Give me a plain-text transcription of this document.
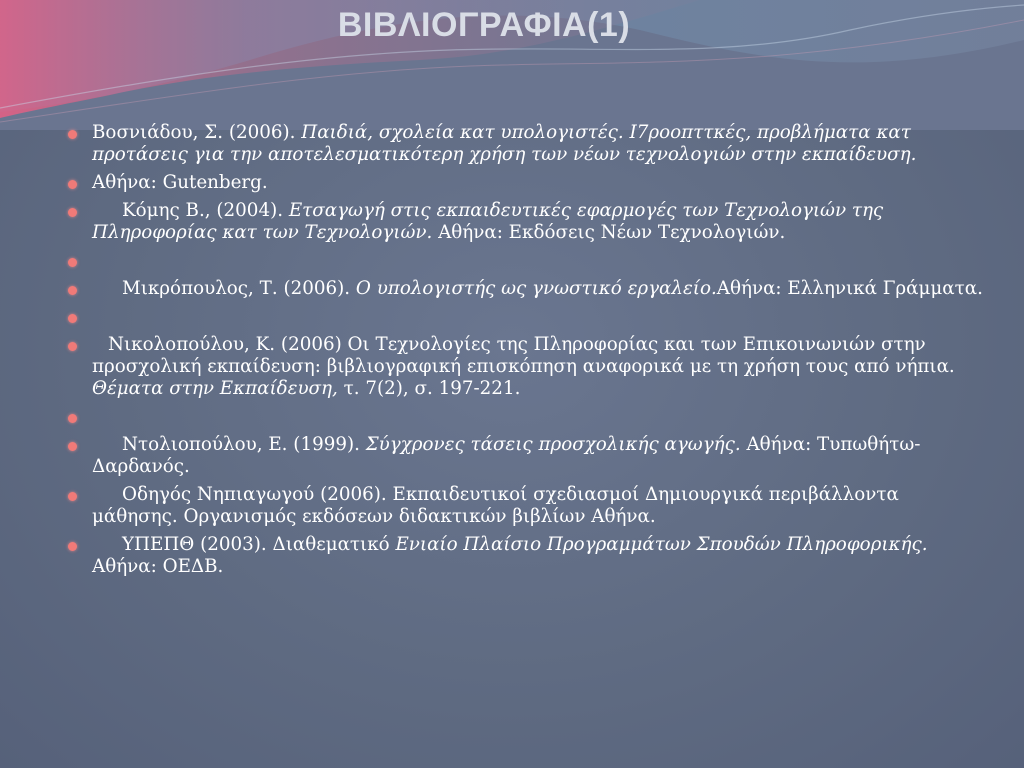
ΒΙΒΛΙΟΓΡΑΦΙΑ(1)
Βοσνιάδου, Σ. (2006). Παιδιά, σχολεία κατ υπολογιστές. Ι7ροοπττκές, προβλήματα κατ προτάσεις για την αποτελεσματικότερη χρήση των νέων τεχνολογιών στην εκπαίδευση.
Αθήνα: Gutenberg.
Κόμης Β., (2004). Ετσαγωγή στις εκπαιδευτικές εφαρμογές των Τεχνολογιών της Πληροφορίας κατ των Τεχνολογιών. Αθήνα: Εκδόσεις Νέων Τεχνολογιών.
Μικρόπουλος, Τ. (2006). Ο υπολογιστής ως γνωστικό εργαλείο.Αθήνα: Ελληνικά Γράμματα.
Νικολοπούλου, Κ. (2006) Οι Τεχνολογίες της Πληροφορίας και των Επικοινωνιών στην προσχολική εκπαίδευση: βιβλιογραφική επισκόπηση αναφορικά με τη χρήση τους από νήπια. Θέματα στην Εκπαίδευση, τ. 7(2), σ. 197-221.
Ντολιοπούλου, Ε. (1999). Σύγχρονες τάσεις προσχολικής αγωγής. Αθήνα: Τυπωθήτω-Δαρδανός.
Οδηγός Νηπιαγωγού (2006). Εκπαιδευτικοί σχεδιασμοί Δημιουργικά περιβάλλοντα μάθησης. Οργανισμός εκδόσεων διδακτικών βιβλίων Αθήνα.
ΥΠΕΠΘ (2003). Διαθεματικό Ενιαίο Πλαίσιο Προγραμμάτων Σπουδών Πληροφορικής. Αθήνα: ΟΕΔΒ.
